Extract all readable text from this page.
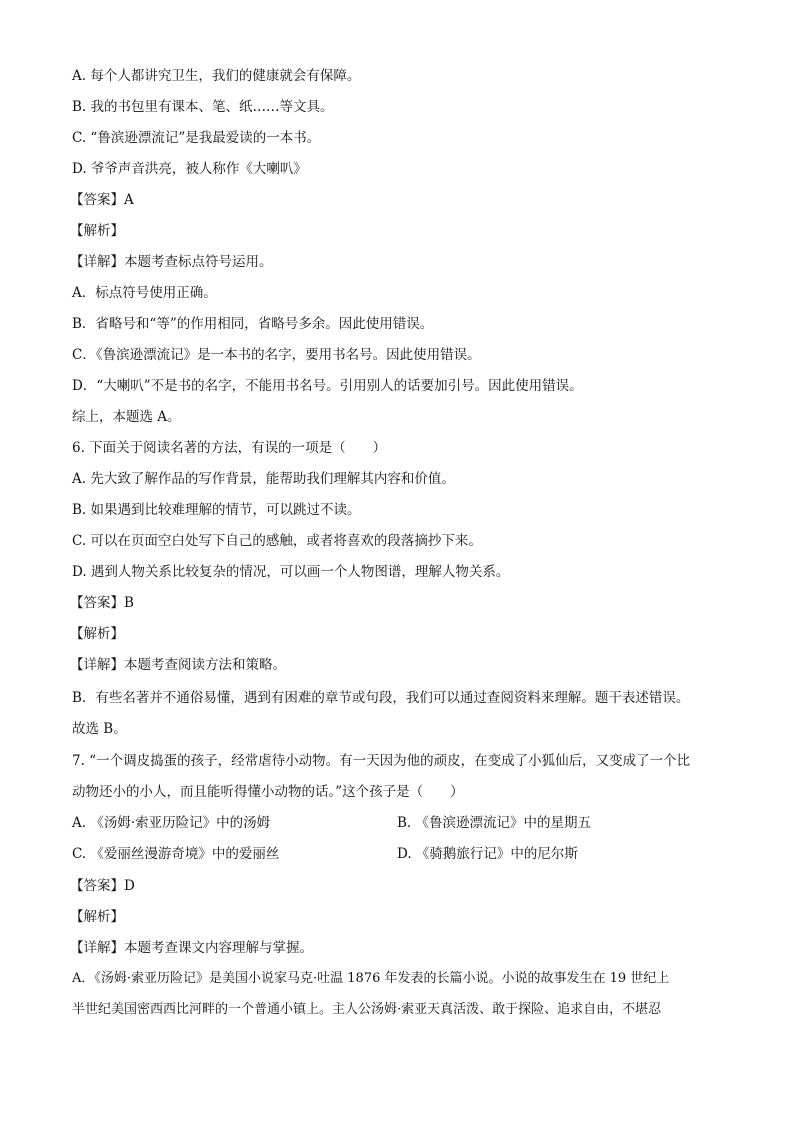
A. 每个人都讲究卫生，我们的健康就会有保障。
B. 我的书包里有课本、笔、纸……等文具。
C. “鲁滨逊漂流记”是我最爱读的一本书。
D. 爷爷声音洪亮，被人称作《大喇叭》
【答案】A
【解析】
【详解】本题考查标点符号运用。
A．标点符号使用正确。
B．省略号和“等”的作用相同，省略号多余。因此使用错误。
C．《鲁滨逊漂流记》是一本书的名字，要用书名号。因此使用错误。
D．“大喇叭”不是书的名字，不能用书名号。引用别人的话要加引号。因此使用错误。
综上，本题选 A。
6. 下面关于阅读名著的方法，有误的一项是（　　）
A. 先大致了解作品的写作背景，能帮助我们理解其内容和价值。
B. 如果遇到比较难理解的情节，可以跳过不读。
C. 可以在页面空白处写下自己的感触，或者将喜欢的段落摘抄下来。
D. 遇到人物关系比较复杂的情况，可以画一个人物图谱，理解人物关系。
【答案】B
【解析】
【详解】本题考查阅读方法和策略。
B．有些名著并不通俗易懂，遇到有困难的章节或句段，我们可以通过查阅资料来理解。题干表述错误。
故选 B。
7. “一个调皮捣蛋的孩子，经常虐待小动物。有一天因为他的顽皮，在变成了小狐仙后，又变成了一个比
动物还小的小人，而且能听得懂小动物的话。”这个孩子是（　　）
A. 《汤姆·索亚历险记》中的汤姆	B. 《鲁滨逊漂流记》中的星期五
C. 《爱丽丝漫游奇境》中的爱丽丝	D. 《骑鹅旅行记》中的尼尔斯
【答案】D
【解析】
【详解】本题考查课文内容理解与掌握。
A．《汤姆·索亚历险记》是美国小说家马克·吐温 1876 年发表的长篇小说。小说的故事发生在 19 世纪上
半世纪美国密西西比河畔的一个普通小镇上。主人公汤姆·索亚天真活泼、敢于探险、追求自由，不堪忍
